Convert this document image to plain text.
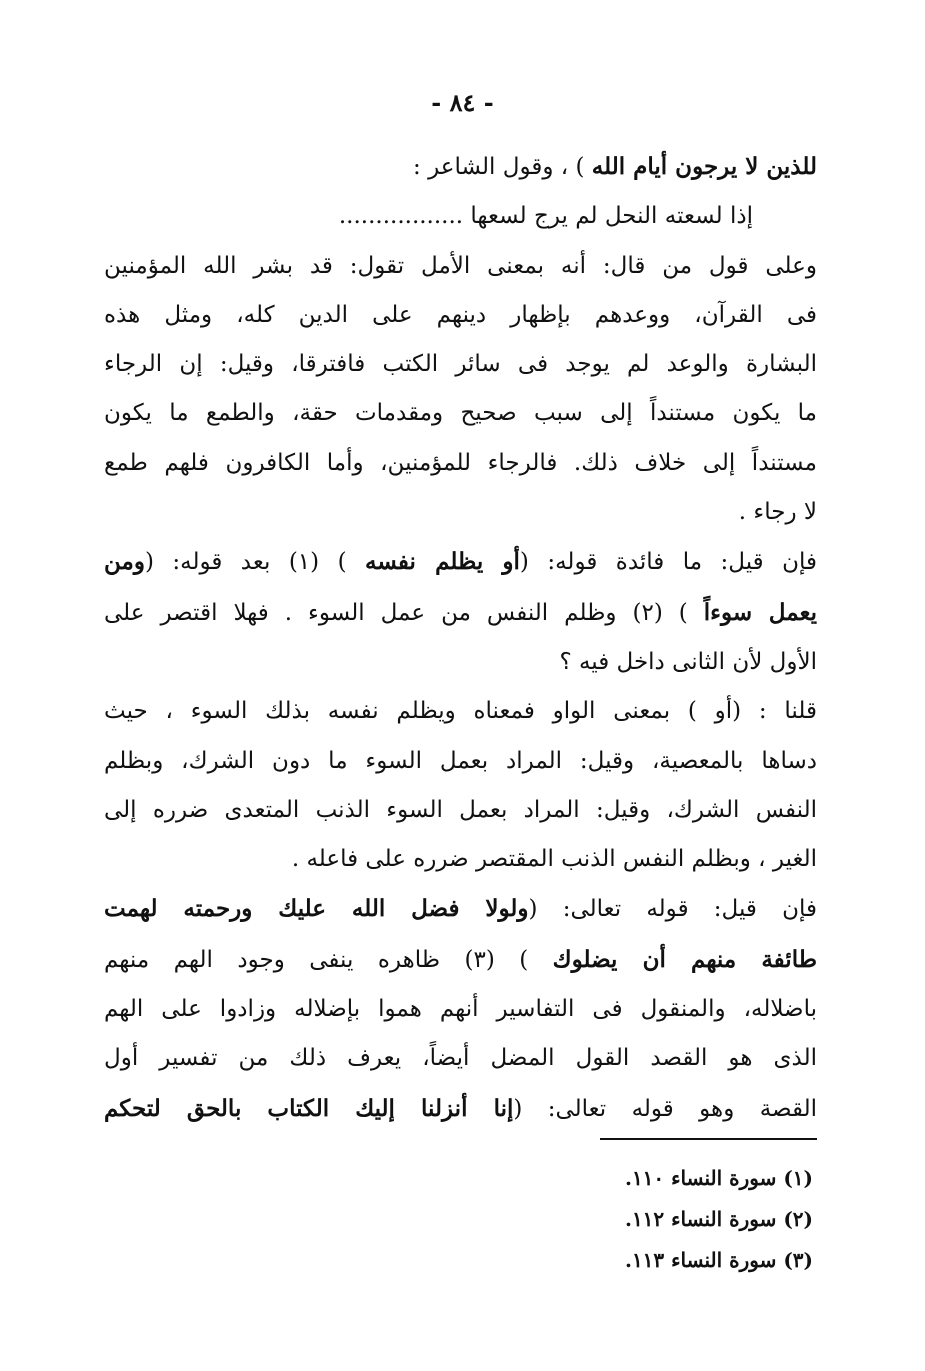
- ٨٤ -
للذين لا يرجون أيام الله ) ، وقول الشاعر :
إذا لسعته النحل لم يرج لسعها .................
وعلى قول من قال: أنه بمعنى الأمل تقول: قد بشر الله المؤمنين
فى القرآن، ووعدهم بإظهار دينهم على الدين كله، ومثل هذه
البشارة والوعد لم يوجد فى سائر الكتب فافترقا، وقيل: إن الرجاء
ما يكون مستنداً إلى سبب صحيح ومقدمات حقة، والطمع ما يكون
مستنداً إلى خلاف ذلك. فالرجاء للمؤمنين، وأما الكافرون فلهم طمع
لا رجاء .
فإن قيل: ما فائدة قوله: (أو يظلم نفسه ) (١) بعد قوله: (ومن
يعمل سوءاً ) (٢) وظلم النفس من عمل السوء . فهلا اقتصر على
الأول لأن الثانى داخل فيه ؟
قلنا : (أو ) بمعنى الواو فمعناه ويظلم نفسه بذلك السوء ، حيث
دساها بالمعصية، وقيل: المراد بعمل السوء ما دون الشرك، وبظلم
النفس الشرك، وقيل: المراد بعمل السوء الذنب المتعدى ضرره إلى
الغير ، وبظلم النفس الذنب المقتصر ضرره على فاعله .
فإن قيل: قوله تعالى: (ولولا فضل الله عليك ورحمته لهمت
طائفة منهم أن يضلوك ) (٣) ظاهره ينفى وجود الهم منهم
باضلاله، والمنقول فى التفاسير أنهم هموا بإضلاله وزادوا على الهم
الذى هو القصد القول المضل أيضاً، يعرف ذلك من تفسير أول
القصة وهو قوله تعالى: (إنا أنزلنا إليك الكتاب بالحق لتحكم
(١) سورة النساء ١١٠.
(٢) سورة النساء ١١٢.
(٣) سورة النساء ١١٣.
